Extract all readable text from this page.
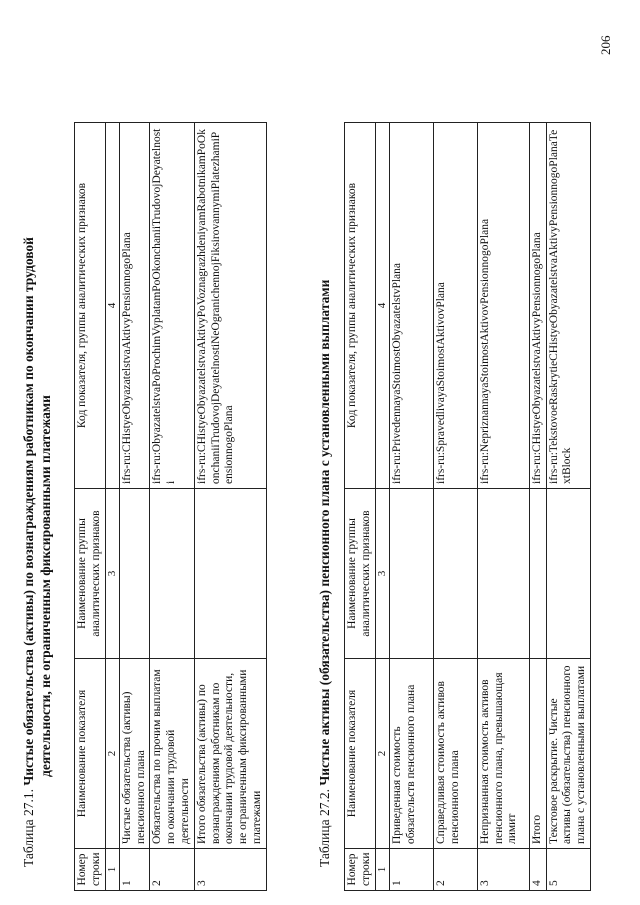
206
Таблица 27.1. Чистые обязательства (активы) по вознаграждениям работникам по окончании трудовой деятельности, не ограниченным фиксированными платежами
Номер строки	Наименование показателя	Наименование группы аналитических признаков	Код показателя, группы аналитических признаков
1	2	3	4
1	Чистые обязательства (активы) пенсионного плана		ifrs-ru:CHistyeObyazatelstvaAktivyPensionnogoPlana
2	Обязательства по прочим выплатам по окончании трудовой деятельности		ifrs-ru:ObyazatelstvaPoProchimVyplatamPoOkonchaniiTrudovojDeyatelnosti
3	Итого обязательства (активы) по вознаграждениям работникам по окончании трудовой деятельности, не ограниченным фиксированными платежами		ifrs-ru:CHistyeObyazatelstvaAktivyPoVoznagrazhdeniyamRabotnikamPoOkonchaniiTrudovojDeyatelnostiNeOgranichennojFiksirovannymiPlatezhamiPensionnogoPlana
Таблица 27.2. Чистые активы (обязательства) пенсионного плана с установленными выплатами
Номер строки	Наименование показателя	Наименование группы аналитических признаков	Код показателя, группы аналитических признаков
1	2	3	4
1	Приведенная стоимость обязательств пенсионного плана		ifrs-ru:PrivedennayaStoimostObyazatelstvPlana
2	Справедливая стоимость активов пенсионного плана		ifrs-ru:SpravedlivayaStoimostAktivovPlana
3	Непризнанная стоимость активов пенсионного плана, превышающая лимит		ifrs-ru:NepriznannayaStoimostAktivovPensionnogoPlana
4	Итого		ifrs-ru:CHistyeObyazatelstvaAktivyPensionnogoPlana
5	Текстовое раскрытие. Чистые активы (обязательства) пенсионного плана с установленными выплатами		ifrs-ru:TekstovoeRaskrytieCHistyeObyazatelstvaAktivyPensionnogoPlanaTextBlock
